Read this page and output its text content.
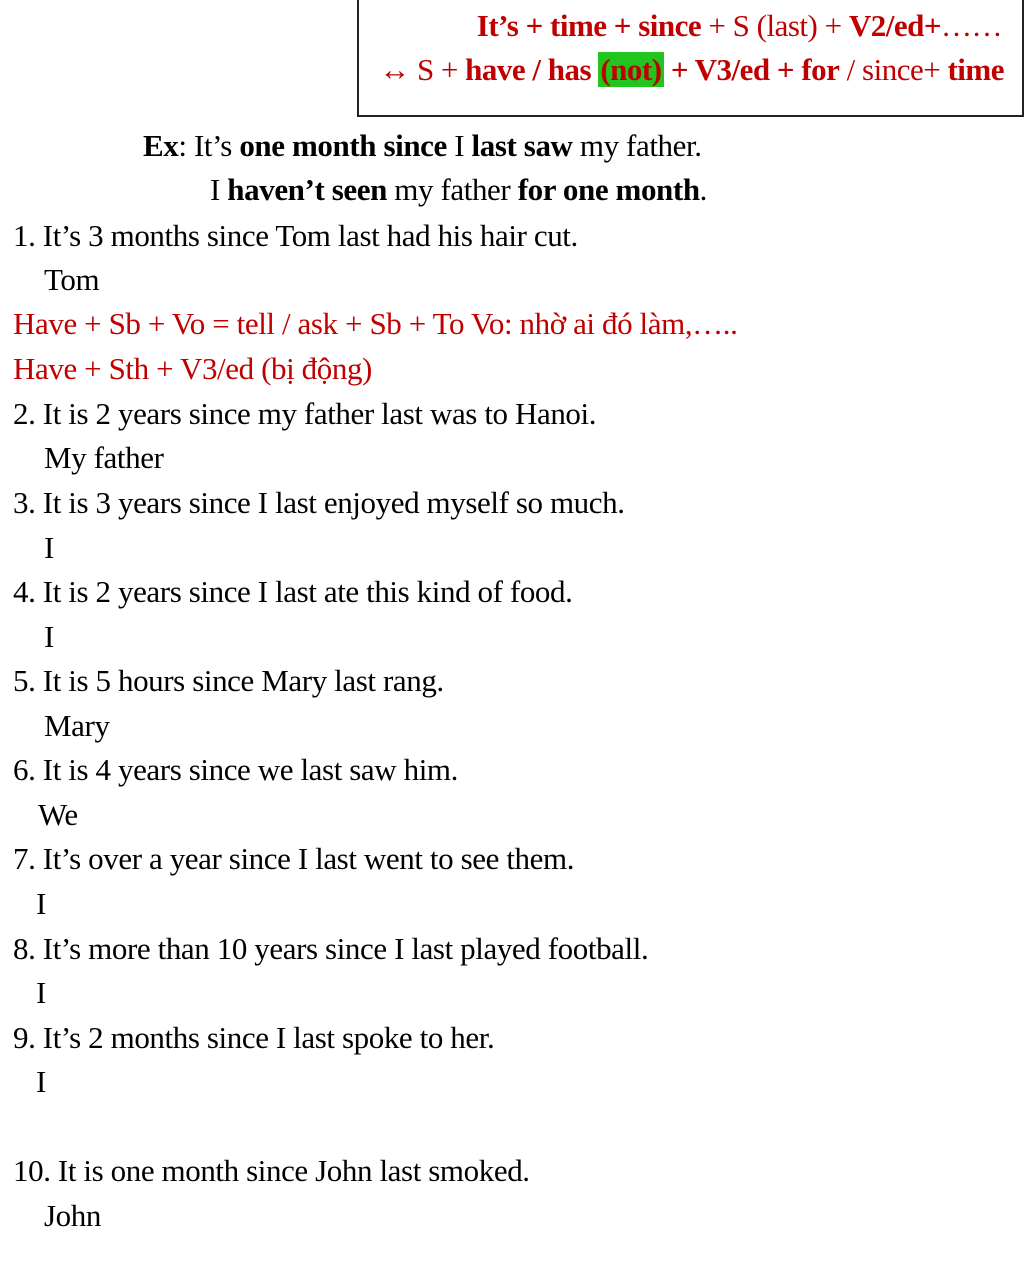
It’s + time + since + S (last) + V2/ed+……
↔ S + have / has (not) + V3/ed + for / since+ time
Ex: It’s one month since I last saw my father.
I haven’t seen my father for one month.
1. It’s 3 months since Tom last had his hair cut.
Tom
Have + Sb + Vo = tell / ask + Sb + To Vo: nhờ ai đó làm,…..
Have + Sth + V3/ed (bị động)
2. It is 2 years since my father last was to Hanoi.
My father
3. It is 3 years since I last enjoyed myself so much.
I
4. It is 2 years since I last ate this kind of food.
I
5. It is 5 hours since Mary last rang.
Mary
6. It is 4 years since we last saw him.
We
7. It’s over a year since I last went to see them.
I
8. It’s more than 10 years since I last played football.
I
9. It’s 2 months since I last spoke to her.
I
10. It is one month since John last smoked.
John
